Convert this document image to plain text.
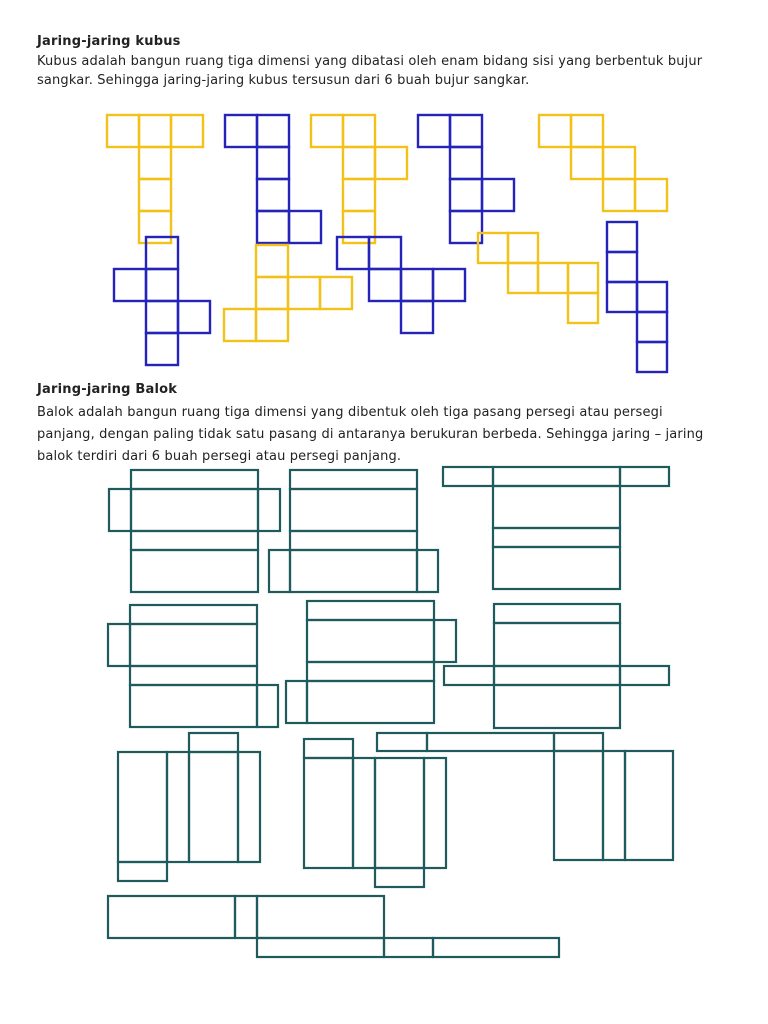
Jaring-jaring kubus
Kubus adalah bangun ruang tiga dimensi yang dibatasi oleh enam bidang sisi yang berbentuk bujur
sangkar. Sehingga jaring-jaring kubus tersusun dari 6 buah bujur sangkar.
Jaring-jaring Balok
Balok adalah bangun ruang tiga dimensi yang dibentuk oleh tiga pasang persegi atau persegi
panjang, dengan paling tidak satu pasang di antaranya berukuran berbeda. Sehingga jaring – jaring
balok terdiri dari 6 buah persegi atau persegi panjang.
